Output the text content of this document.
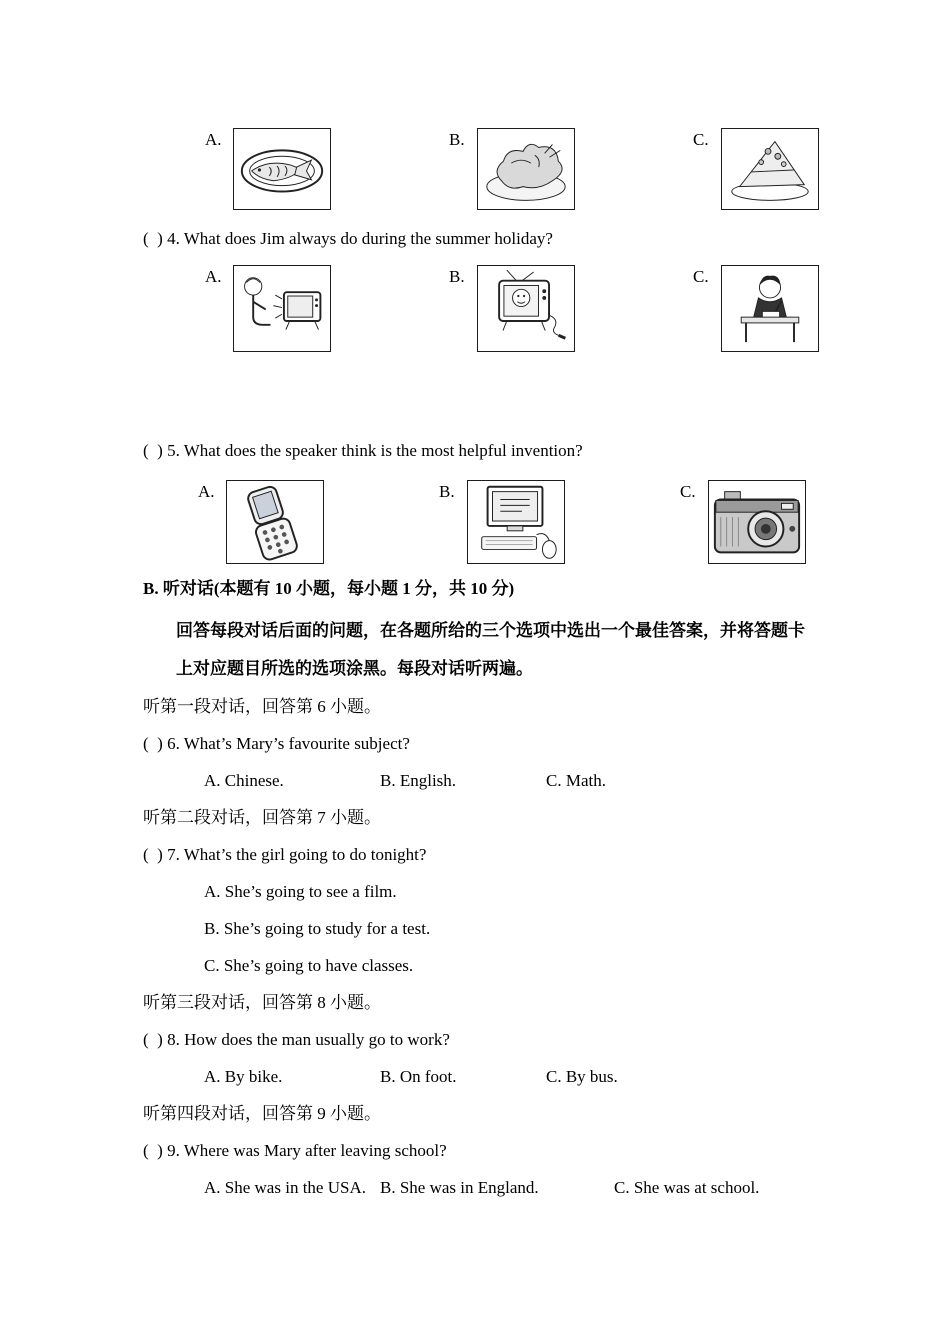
A.	B.	C.
(  ) 4. What does Jim always do during the summer holiday?
A.	B.	C.
(  ) 5. What does the speaker think is the most helpful invention?
A.	B.	C.
B. 听对话(本题有 10 小题，每小题 1 分，共 10 分)
回答每段对话后面的问题，在各题所给的三个选项中选出一个最佳答案，并将答题卡
上对应题目所选的选项涂黑。每段对话听两遍。
听第一段对话，回答第 6 小题。
(  ) 6. What’s Mary’s favourite subject?
A. Chinese.	B. English.	C. Math.
听第二段对话，回答第 7 小题。
(  ) 7. What’s the girl going to do tonight?
A. She’s going to see a film.
B. She’s going to study for a test.
C. She’s going to have classes.
听第三段对话，回答第 8 小题。
(  ) 8. How does the man usually go to work?
A. By bike.	B. On foot.	C. By bus.
听第四段对话，回答第 9 小题。
(  ) 9. Where was Mary after leaving school?
A. She was in the USA. B. She was in England.	C. She was at school.
